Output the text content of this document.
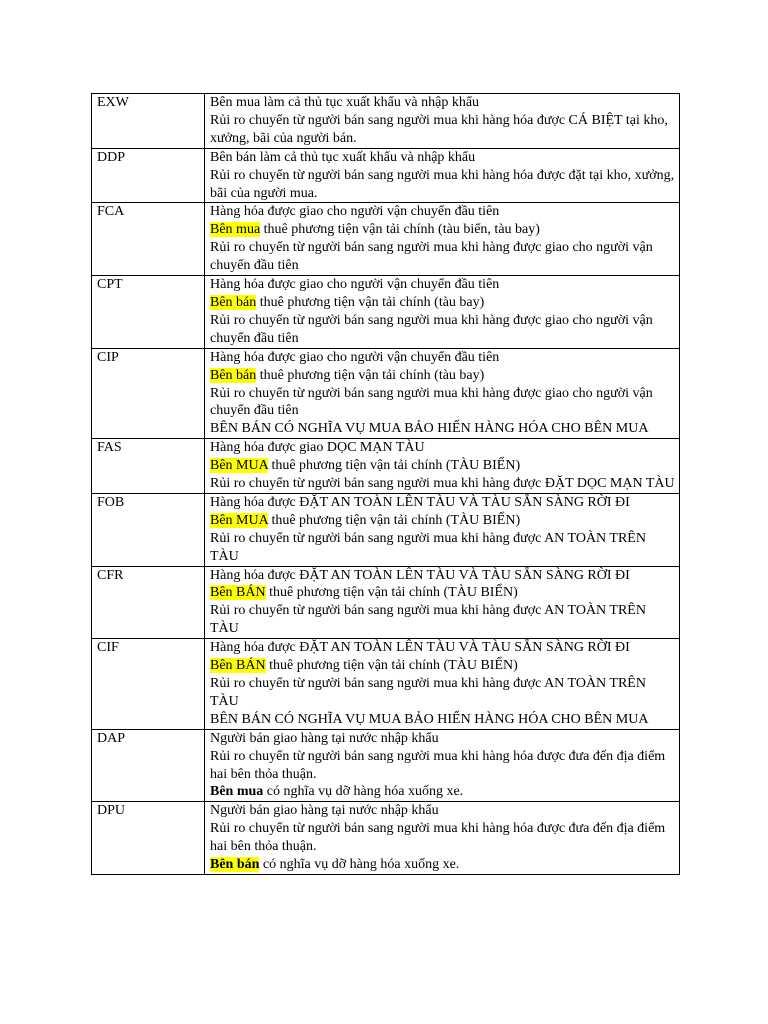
EXW	Bên mua làm cả thủ tục xuất khẩu và nhập khẩu
Rủi ro chuyển từ người bán sang người mua khi hàng hóa được CÁ BIỆT tại kho, xưởng, bãi của người bán.

DDP	Bên bán làm cả thủ tục xuất khẩu và nhập khẩu
Rủi ro chuyển từ người bán sang người mua khi hàng hóa được đặt tại kho, xưởng, bãi của người mua.

FCA	Hàng hóa được giao cho người vận chuyển đầu tiên
Bên mua thuê phương tiện vận tải chính (tàu biển, tàu bay)
Rủi ro chuyển từ người bán sang người mua khi hàng được giao cho người vận chuyển đầu tiên

CPT	Hàng hóa được giao cho người vận chuyển đầu tiên
Bên bán thuê phương tiện vận tải chính (tàu bay)
Rủi ro chuyển từ người bán sang người mua khi hàng được giao cho người vận chuyển đầu tiên

CIP	Hàng hóa được giao cho người vận chuyển đầu tiên
Bên bán thuê phương tiện vận tải chính (tàu bay)
Rủi ro chuyển từ người bán sang người mua khi hàng được giao cho người vận chuyển đầu tiên
BÊN BÁN CÓ NGHĨA VỤ MUA BẢO HIỂN HÀNG HÓA CHO BÊN MUA

FAS	Hàng hóa được giao DỌC MẠN TÀU
Bên MUA thuê phương tiện vận tải chính (TÀU BIỂN)
Rủi ro chuyển từ người bán sang người mua khi hàng được ĐẶT DỌC MẠN TÀU

FOB	Hàng hóa được ĐẶT AN TOÀN LÊN TÀU VÀ TÀU SẴN SÀNG RỜI ĐI
Bên MUA thuê phương tiện vận tải chính (TÀU BIỂN)
Rủi ro chuyển từ người bán sang người mua khi hàng được AN TOÀN TRÊN TÀU

CFR	Hàng hóa được ĐẶT AN TOÀN LÊN TÀU VÀ TÀU SẴN SÀNG RỜI ĐI
Bên BÁN thuê phương tiện vận tải chính (TÀU BIỂN)
Rủi ro chuyển từ người bán sang người mua khi hàng được AN TOÀN TRÊN TÀU

CIF	Hàng hóa được ĐẶT AN TOÀN LÊN TÀU VÀ TÀU SẴN SÀNG RỜI ĐI
Bên BÁN thuê phương tiện vận tải chính (TÀU BIỂN)
Rủi ro chuyển từ người bán sang người mua khi hàng được AN TOÀN TRÊN TÀU
BÊN BÁN CÓ NGHĨA VỤ MUA BẢO HIỂN HÀNG HÓA CHO BÊN MUA

DAP	Người bán giao hàng tại nước nhập khẩu
Rủi ro chuyển từ người bán sang người mua khi hàng hóa được đưa đến địa điểm hai bên thỏa thuận.
Bên mua có nghĩa vụ dỡ hàng hóa xuống xe.

DPU	Người bán giao hàng tại nước nhập khẩu
Rủi ro chuyển từ người bán sang người mua khi hàng hóa được đưa đến địa điểm hai bên thỏa thuận.
Bên bán có nghĩa vụ dỡ hàng hóa xuống xe.
